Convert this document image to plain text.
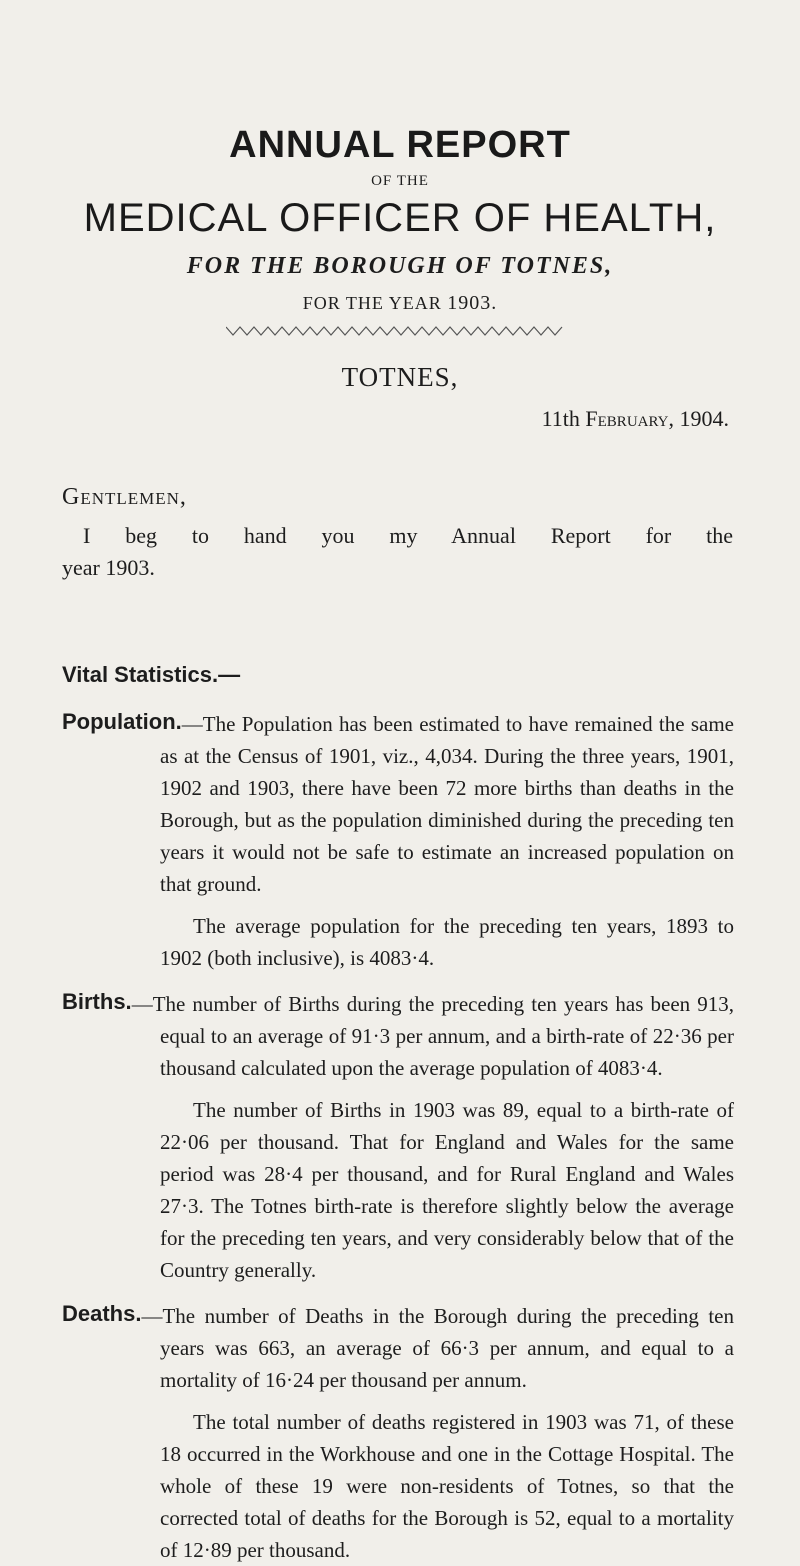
ANNUAL REPORT
OF THE
MEDICAL OFFICER OF HEALTH,
FOR THE BOROUGH OF TOTNES,
FOR THE YEAR 1903.
TOTNES,
11th February, 1904.
Gentlemen,
I beg to hand you my Annual Report for the
year 1903.
Vital Statistics.—
Population. —The Population has been estimated to have remained the same as at the Census of 1901, viz., 4,034. During the three years, 1901, 1902 and 1903, there have been 72 more births than deaths in the Borough, but as the population diminished during the preceding ten years it would not be safe to estimate an increased population on that ground.

The average population for the preceding ten years, 1893 to 1902 (both inclusive), is 4083·4.

Births. —The number of Births during the preceding ten years has been 913, equal to an average of 91·3 per annum, and a birth-rate of 22·36 per thousand calculated upon the average population of 4083·4.

The number of Births in 1903 was 89, equal to a birth-rate of 22·06 per thousand. That for England and Wales for the same period was 28·4 per thousand, and for Rural England and Wales 27·3. The Totnes birth-rate is therefore slightly below the average for the preceding ten years, and very considerably below that of the Country generally.

Deaths. —The number of Deaths in the Borough during the preceding ten years was 663, an average of 66·3 per annum, and equal to a mortality of 16·24 per thousand per annum.

The total number of deaths registered in 1903 was 71, of these 18 occurred in the Workhouse and one in the Cottage Hospital. The whole of these 19 were non-residents of Totnes, so that the corrected total of deaths for the Borough is 52, equal to a mortality of 12·89 per thousand.
